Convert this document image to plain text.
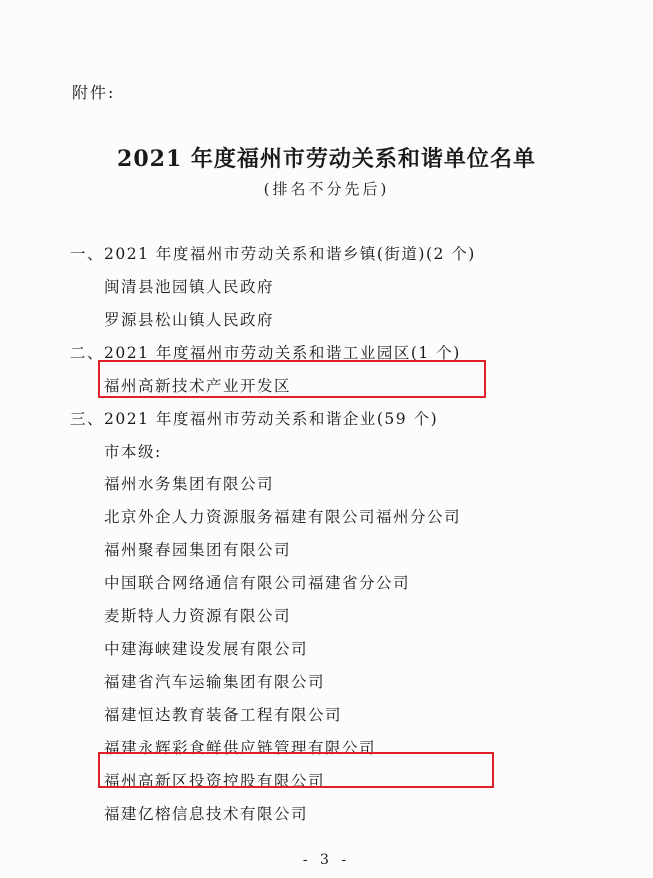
附件:
2021 年度福州市劳动关系和谐单位名单
(排名不分先后)
一、2021 年度福州市劳动关系和谐乡镇(街道)(2 个)
闽清县池园镇人民政府
罗源县松山镇人民政府
二、2021 年度福州市劳动关系和谐工业园区(1 个)
福州高新技术产业开发区
三、2021 年度福州市劳动关系和谐企业(59 个)
市本级:
福州水务集团有限公司
北京外企人力资源服务福建有限公司福州分公司
福州聚春园集团有限公司
中国联合网络通信有限公司福建省分公司
麦斯特人力资源有限公司
中建海峡建设发展有限公司
福建省汽车运输集团有限公司
福建恒达教育装备工程有限公司
福建永辉彩食鲜供应链管理有限公司
福州高新区投资控股有限公司
福建亿榕信息技术有限公司
- 3 -
